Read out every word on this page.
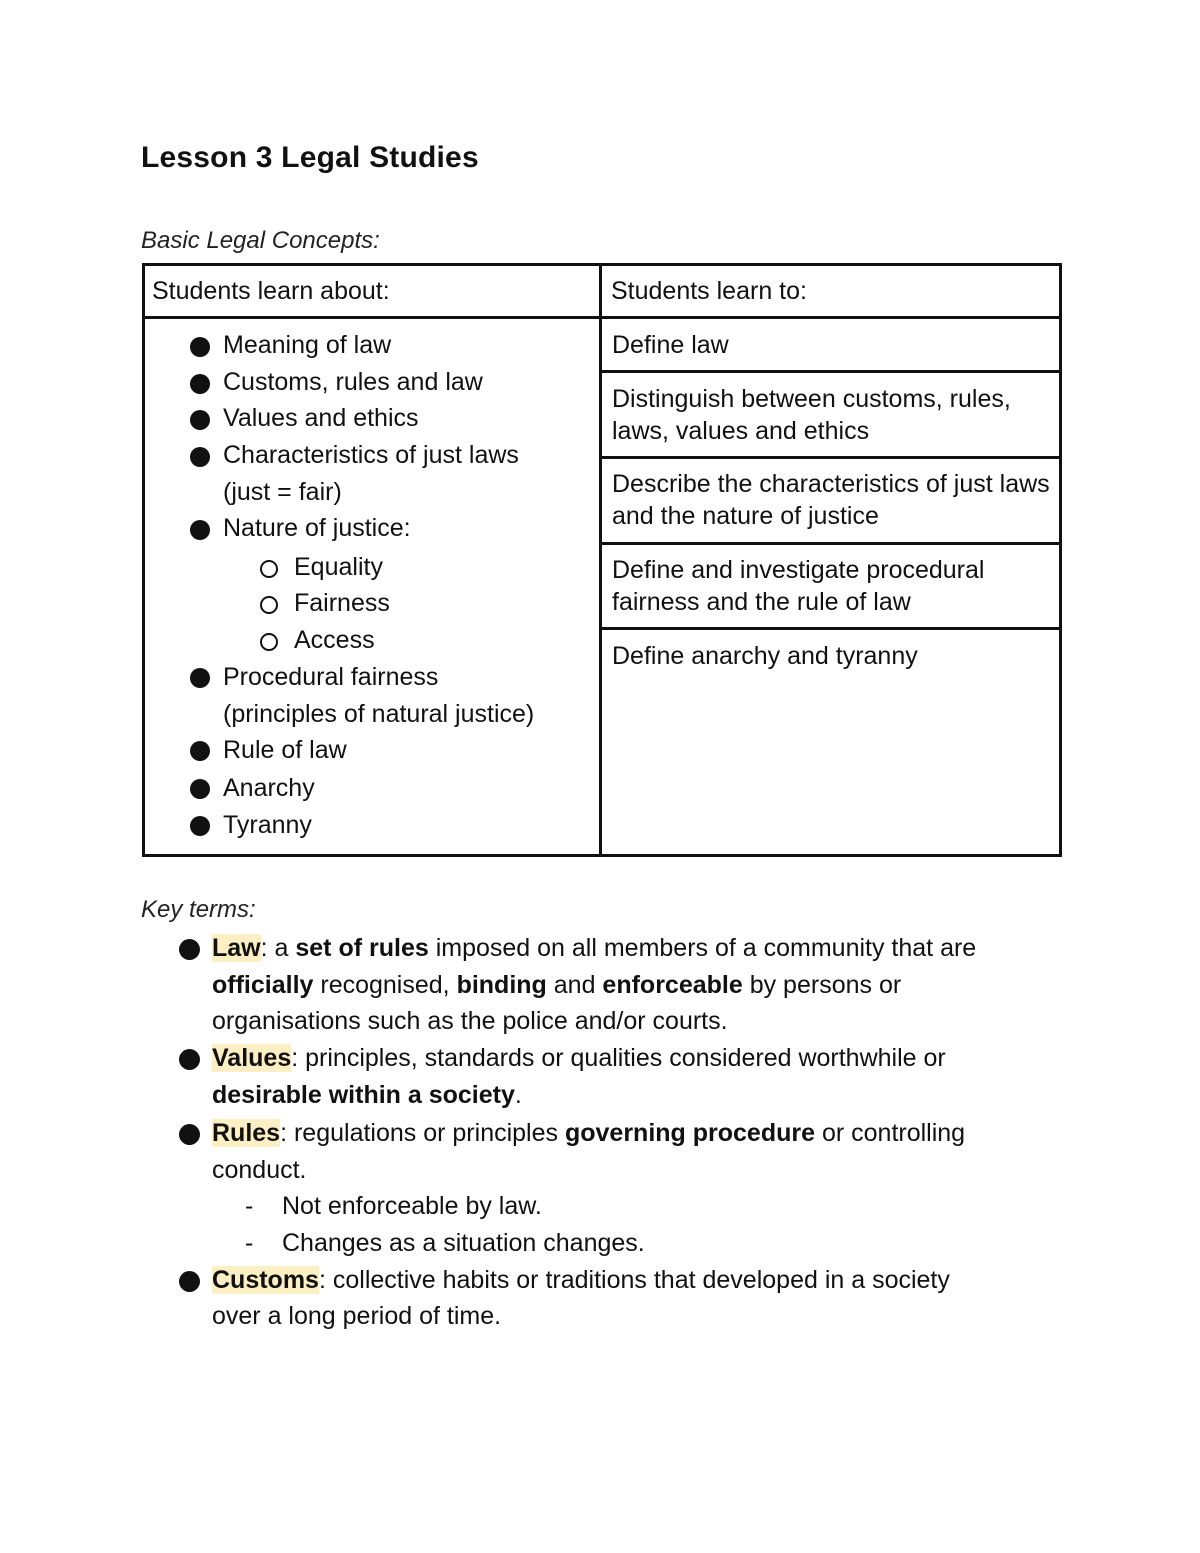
Lesson 3 Legal Studies

Basic Legal Concepts:

Students learn about:	Students learn to:
Meaning of law
Customs, rules and law
Values and ethics
Characteristics of just laws
(just = fair)
Nature of justice:
Equality
Fairness
Access
Procedural fairness
(principles of natural justice)
Rule of law
Anarchy
Tyranny
Define law
Distinguish between customs, rules, laws, values and ethics
Describe the characteristics of just laws and the nature of justice
Define and investigate procedural fairness and the rule of law
Define anarchy and tyranny

Key terms:

Law: a set of rules imposed on all members of a community that are
officially recognised, binding and enforceable by persons or
organisations such as the police and/or courts.
Values: principles, standards or qualities considered worthwhile or
desirable within a society.
Rules: regulations or principles governing procedure or controlling
conduct.
- Not enforceable by law.
- Changes as a situation changes.
Customs: collective habits or traditions that developed in a society
over a long period of time.
